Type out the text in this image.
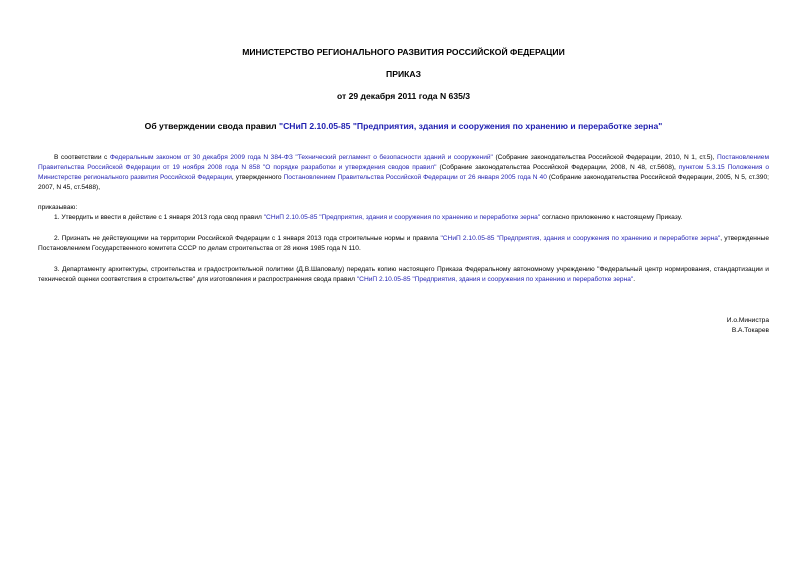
МИНИСТЕРСТВО РЕГИОНАЛЬНОГО РАЗВИТИЯ РОССИЙСКОЙ ФЕДЕРАЦИИ
ПРИКАЗ
от 29 декабря 2011 года N 635/3
Об утверждении свода правил "СНиП 2.10.05-85 "Предприятия, здания и сооружения по хранению и переработке зерна"
В соответствии с Федеральным законом от 30 декабря 2009 года N 384-ФЗ "Технический регламент о безопасности зданий и сооружений" (Собрание законодательства Российской Федерации, 2010, N 1, ст.5), Постановлением Правительства Российской Федерации от 19 ноября 2008 года N 858 "О порядке разработки и утверждения сводов правил" (Собрание законодательства Российской Федерации, 2008, N 48, ст.5608), пунктом 5.3.15 Положения о Министерстве регионального развития Российской Федерации, утвержденного Постановлением Правительства Российской Федерации от 26 января 2005 года N 40 (Собрание законодательства Российской Федерации, 2005, N 5, ст.390; 2007, N 45, ст.5488),
приказываю:
1. Утвердить и ввести в действие с 1 января 2013 года свод правил "СНиП 2.10.05-85 "Предприятия, здания и сооружения по хранению и переработке зерна" согласно приложению к настоящему Приказу.
2. Признать не действующими на территории Российской Федерации с 1 января 2013 года строительные нормы и правила "СНиП 2.10.05-85 "Предприятия, здания и сооружения по хранению и переработке зерна", утвержденные Постановлением Государственного комитета СССР по делам строительства от 28 июня 1985 года N 110.
3. Департаменту архитектуры, строительства и градостроительной политики (Д.В.Шаповалу) передать копию настоящего Приказа Федеральному автономному учреждению "Федеральный центр нормирования, стандартизации и технической оценки соответствия в строительстве" для изготовления и распространения свода правил "СНиП 2.10.05-85 "Предприятия, здания и сооружения по хранению и переработке зерна".
И.о.Министра
В.А.Токарев
